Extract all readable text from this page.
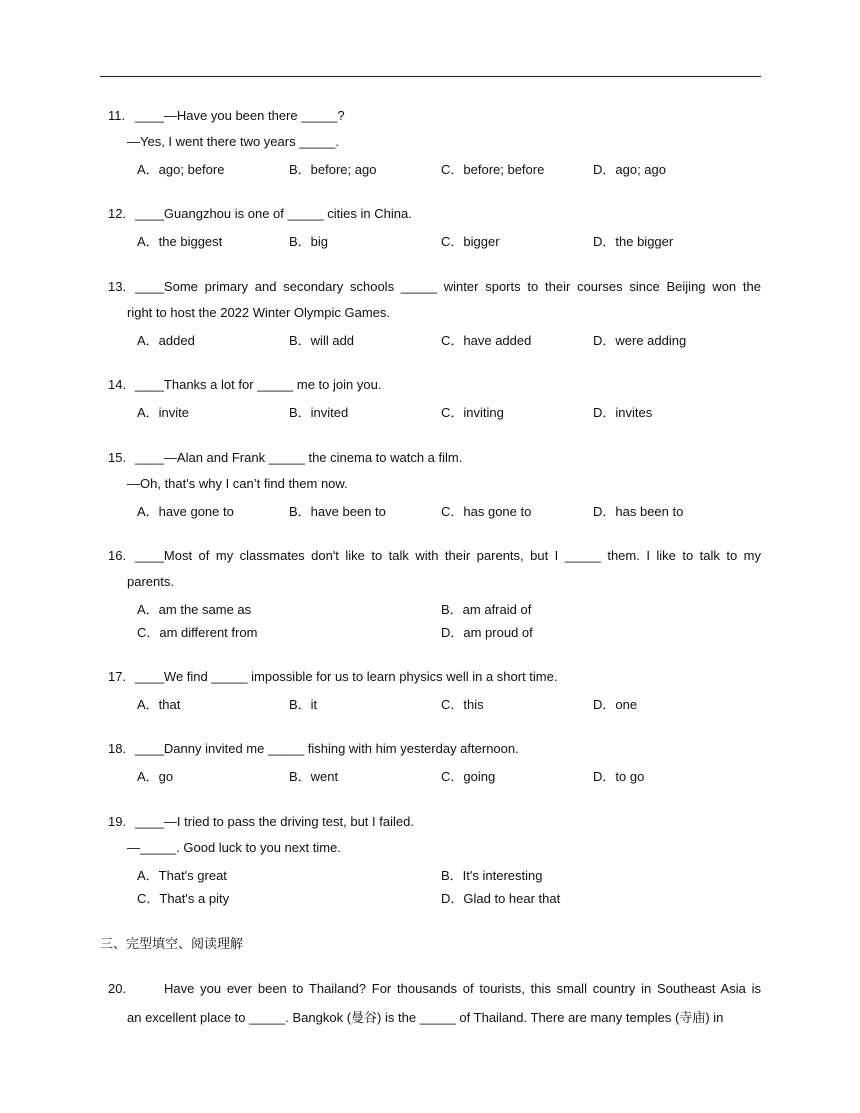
11. ____—Have you been there _____?
—Yes, I went there two years _____.
A．ago; before	B．before; ago	C．before; before	D．ago; ago
12. ____Guangzhou is one of _____ cities in China.
A．the biggest	B．big	C．bigger	D．the bigger
13. ____Some primary and secondary schools _____ winter sports to their courses since Beijing won the
right to host the 2022 Winter Olympic Games.
A．added	B．will add	C．have added	D．were adding
14. ____Thanks a lot for _____ me to join you.
A．invite	B．invited	C．inviting	D．invites
15. ____—Alan and Frank _____ the cinema to watch a film.
—Oh, that's why I can’t find them now.
A．have gone to	B．have been to	C．has gone to	D．has been to
16. ____Most of my classmates don't like to talk with their parents, but I _____ them. I like to talk to my
parents.
A．am the same as	B．am afraid of
C．am different from	D．am proud of
17. ____We find _____ impossible for us to learn physics well in a short time.
A．that	B．it	C．this	D．one
18. ____Danny invited me _____ fishing with him yesterday afternoon.
A．go	B．went	C．going	D．to go
19. ____—I tried to pass the driving test, but I failed.
—_____. Good luck to you next time.
A．That's great	B．It's interesting
C．That's a pity	D．Glad to hear that
三、完型填空、阅读理解
20.	Have you ever been to Thailand? For thousands of tourists, this small country in Southeast Asia is
an excellent place to _____. Bangkok (曼谷) is the _____ of Thailand. There are many temples (寺庙) in
